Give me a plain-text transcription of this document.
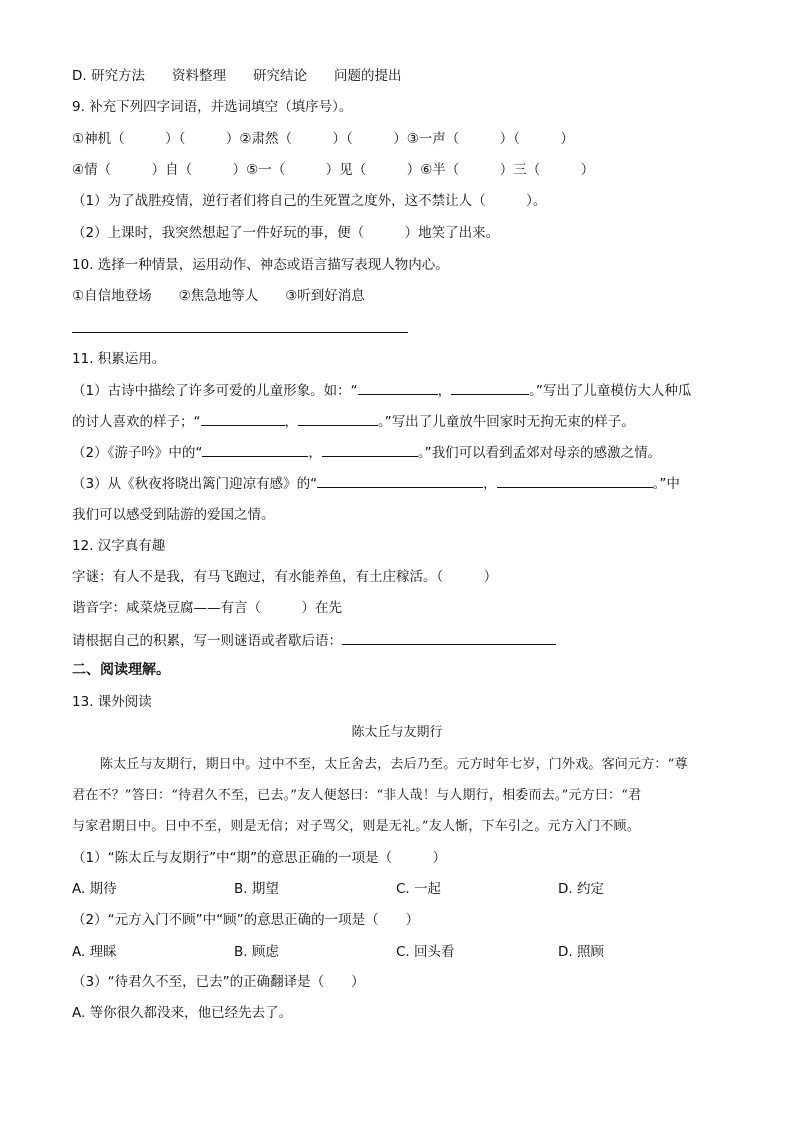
D. 研究方法　　资料整理　　研究结论　　问题的提出
9. 补充下列四字词语，并选词填空（填序号）。
①神机（　　　）（　　　）②肃然（　　　）（　　　）③一声（　　　）（　　　）
④情（　　　）自（　　　）⑤一（　　　）见（　　　）⑥半（　　　）三（　　　）
（1）为了战胜疫情，逆行者们将自己的生死置之度外，这不禁让人（　　　）。
（2）上课时，我突然想起了一件好玩的事，便（　　　）地笑了出来。
10. 选择一种情景，运用动作、神态或语言描写表现人物内心。
①自信地登场　　②焦急地等人　　③听到好消息
11. 积累运用。
（1）古诗中描绘了许多可爱的儿童形象。如：“	，	。”写出了儿童模仿大人种瓜
的讨人喜欢的样子；“	，	。”写出了儿童放牛回家时无拘无束的样子。
（2）《游子吟》中的“	，	。”我们可以看到孟郊对母亲的感激之情。
（3）从《秋夜将晓出篱门迎凉有感》的“	，	。”中
我们可以感受到陆游的爱国之情。
12. 汉字真有趣
字谜：有人不是我，有马飞跑过，有水能养鱼，有土庄稼活。（　　　）
谐音字：咸菜烧豆腐——有言（　　　）在先
请根据自己的积累，写一则谜语或者歇后语：
二、阅读理解。
13. 课外阅读
陈太丘与友期行
陈太丘与友期行，期日中。过中不至，太丘舍去，去后乃至。元方时年七岁，门外戏。客问元方：“尊
君在不？”答曰：“待君久不至，已去。”友人便怒曰：“非人哉！与人期行，相委而去。”元方曰：“君
与家君期日中。日中不至，则是无信；对子骂父，则是无礼。”友人惭，下车引之。元方入门不顾。
（1）“陈太丘与友期行”中“期”的意思正确的一项是（　　　）
A. 期待	B. 期望	C. 一起	D. 约定
（2）“元方入门不顾”中“顾”的意思正确的一项是（　　）
A. 理睬	B. 顾虑	C. 回头看	D. 照顾
（3）“待君久不至，已去”的正确翻译是（　　）
A. 等你很久都没来，他已经先去了。
